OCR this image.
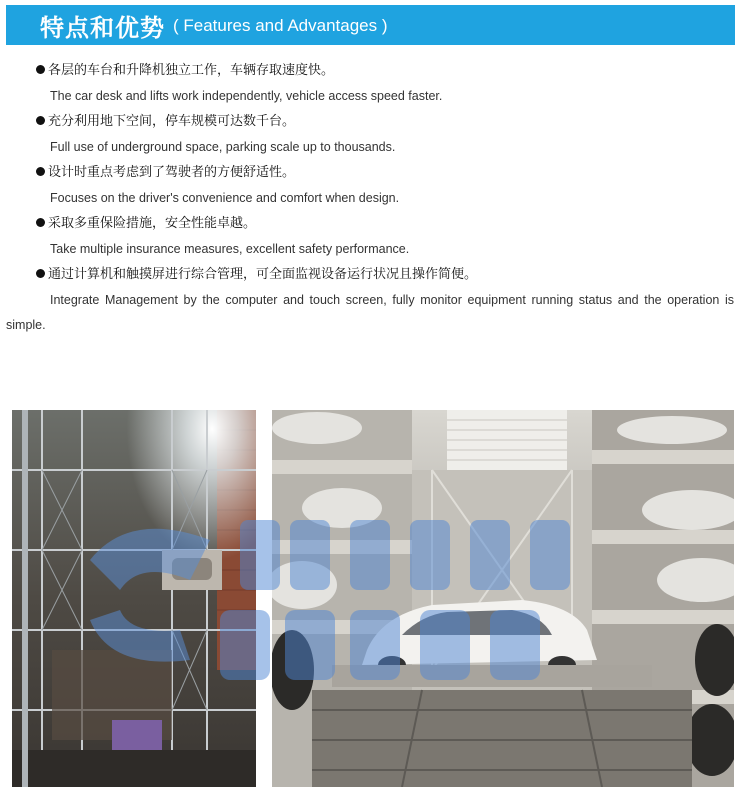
特点和优势 ( Features and Advantages )
各层的车台和升降机独立工作，车辆存取速度快。
The car desk and lifts work independently, vehicle access speed faster.
充分利用地下空间，停车规模可达数千台。
Full use of underground space, parking scale up to thousands.
设计时重点考虑到了驾驶者的方便舒适性。
Focuses on the driver's convenience and comfort when design.
采取多重保险措施，安全性能卓越。
Take multiple insurance measures, excellent safety performance.
通过计算机和触摸屏进行综合管理，可全面监视设备运行状况且操作简便。
Integrate Management by the computer and touch screen, fully monitor equipment running status and the operation is simple.
